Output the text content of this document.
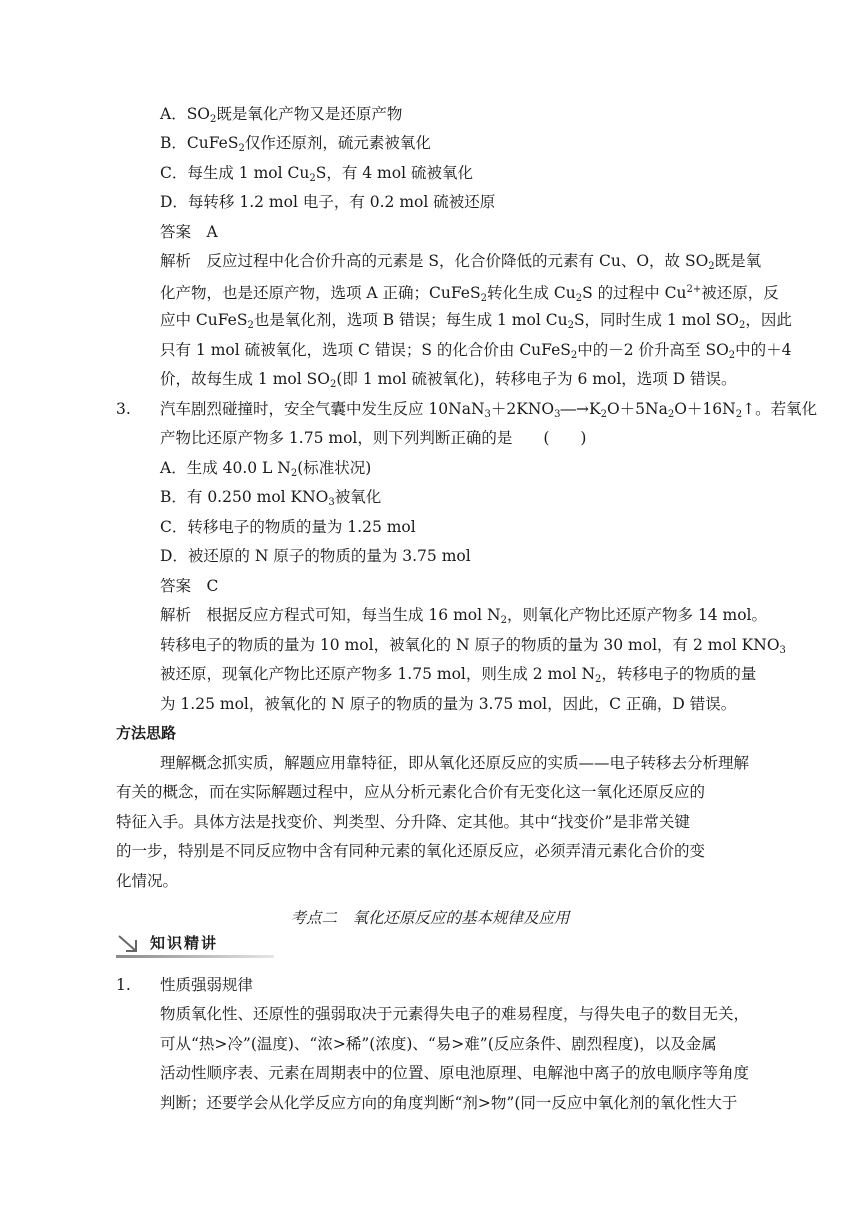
A．$SO_2$既是氧化产物又是还原产物
B．CuFeS$_2$仅作还原剂，硫元素被氧化
C．每生成 1 mol $Cu_2S$，有 4 mol 硫被氧化
D．每转移 1.2 mol 电子，有 0.2 mol 硫被还原
答案　A
解析　反应过程中化合价升高的元素是 S，化合价降低的元素有 Cu、O，故 $SO_2$既是氧
化产物，也是还原产物，选项 A 正确；CuFeS$_2$转化生成 $Cu_2S$ 的过程中 $Cu^{2+}$被还原，反
应中 CuFeS$_2$也是氧化剂，选项 B 错误；每生成 1 mol $Cu_2S$，同时生成 1 mol $SO_2$，因此
只有 1 mol 硫被氧化，选项 C 错误；S 的化合价由 CuFeS$_2$中的－2 价升高至 $SO_2$中的＋4
价，故每生成 1 mol $SO_2$(即 1 mol 硫被氧化)，转移电子为 6 mol，选项 D 错误。
3. 汽车剧烈碰撞时，安全气囊中发生反应 $10NaN_3+2KNO_3―\to K_2O+5Na_2O+16N_2↑$。若氧化
产物比还原产物多 1.75 mol，则下列判断正确的是　　(　　)
A．生成 40.0 L $N_2$(标准状况)
B．有 0.250 mol $KNO_3$被氧化
C．转移电子的物质的量为 1.25 mol
D．被还原的 N 原子的物质的量为 3.75 mol
答案　C
解析　根据反应方程式可知，每当生成 16 mol $N_2$，则氧化产物比还原产物多 14 mol。
转移电子的物质的量为 10 mol，被氧化的 N 原子的物质的量为 30 mol，有 2 mol $KNO_3$
被还原，现氧化产物比还原产物多 1.75 mol，则生成 2 mol $N_2$，转移电子的物质的量
为 1.25 mol，被氧化的 N 原子的物质的量为 3.75 mol，因此，C 正确，D 错误。
方法思路
理解概念抓实质，解题应用靠特征，即从氧化还原反应的实质——电子转移去分析理解
有关的概念，而在实际解题过程中，应从分析元素化合价有无变化这一氧化还原反应的
特征入手。具体方法是找变价、判类型、分升降、定其他。其中“找变价”是非常关键
的一步，特别是不同反应物中含有同种元素的氧化还原反应，必须弄清元素化合价的变
化情况。
考点二　氧化还原反应的基本规律及应用
知识精讲
1. 性质强弱规律
物质氧化性、还原性的强弱取决于元素得失电子的难易程度，与得失电子的数目无关，
可从“热>冷”(温度)、“浓>稀”(浓度)、“易>难”(反应条件、剧烈程度)，以及金属
活动性顺序表、元素在周期表中的位置、原电池原理、电解池中离子的放电顺序等角度
判断；还要学会从化学反应方向的角度判断“剂>物”(同一反应中氧化剂的氧化性大于
